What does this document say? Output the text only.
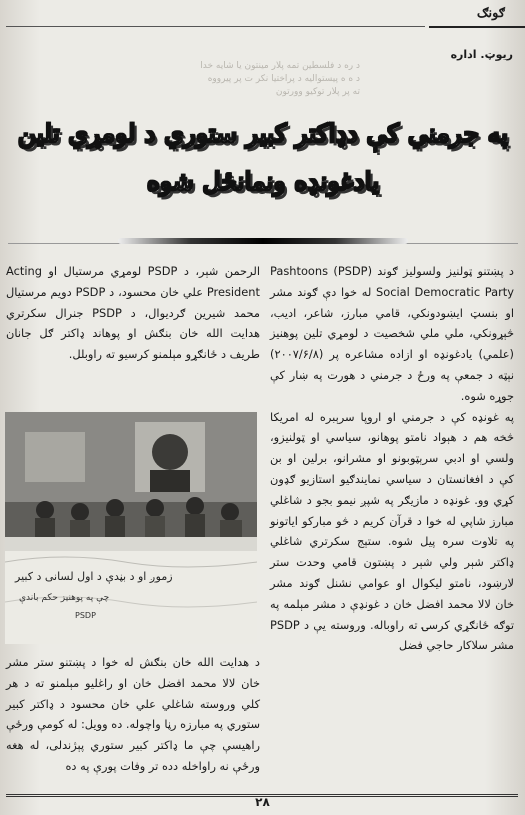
ګونګ
د ره د فلسطین تمه پلار مینتون یا شایه خدا
د ه ه پیستوالیه د پراختيا نكر ت پر پیرووه
ته پر پلار توکیو وورتون
ريوټ. اداره
په جرمني کې دډاکتر کبير ستوري د لومړي تلين
یادغونډه ونمانځل شوه

د پښتنو ټولنيز ولسولیز ګوند (PSDP) Pashtoons Social Democratic Party له خوا دې ګوند مشر او بنسټ ايښودونکي، قامي مبارز، شاعر، اديب، څېړونکي، ملي ملي شخصيت د لومړي تلين پوهنيز (علمي) يادغونډه او ازاده مشاعره پر (۲۰۰۷/۶/۸) نېټه د جمعې په ورځ د جرمني د هورت په ښار کې جوړه شوه.

په غونډه کې د جرمني او اروپا سرېبره له امريکا څخه هم د هېواد نامتو پوهانو، سياسي او ټولنيزو، ولسي او ادبي سرېټوبونو او مشرانو، برلين او بن کې د افغانستان د سياسي نمايندګيو استازيو ګډون کړي وو. غونډه د مازيګر په شپږ نيمو بجو د شاغلي مبارز شاپي له خوا د قرآن کريم د څو مبارکو اياتونو په تلاوت سره پيل شوه. ستېج سکرتري شاغلي ډاکتر شېر ولي شېر د پښتون قامي وحدت ستر لارښود، نامتو ليکوال او عوامي نشنل ګوند مشر خان لالا محمد افضل خان د غونډې د مشر مېلمه په توګه ځانګړي کرسۍ ته راوباله. وروسته يې د PSDP مشر سلاکار حاجي فضل

الرحمن شېر، د PSDP لومړي مرستيال او Acting President علي خان محسود، د PSDP دويم مرستيال محمد شيرين ګرديوال، د PSDP جنرال سکرتري هدايت الله خان بنګش او پوهاند ډاکتر ګل جانان طريف د ځانګړو مېلمنو کرسيو ته راوبلل.

زموږ او د بڼدې د اول لسانی د کبیر
چې په پوهنيز حکم باندې
PSDP

د هدايت الله خان بنګش له خوا د پښتنو ستر مشر خان لالا محمد افضل خان او راغلیو مېلمنو ته د هر کلي وروسته شاغلي علي خان محسود د ډاکتر کبير ستوري په مبارزه رڼا واچوله. ده وويل: له کومې ورځې راهيسې چې ما ډاکتر کبير ستوري پېژندلی، له هغه ورځې نه راواخله دده تر وفات پورې په ده

۲۸
